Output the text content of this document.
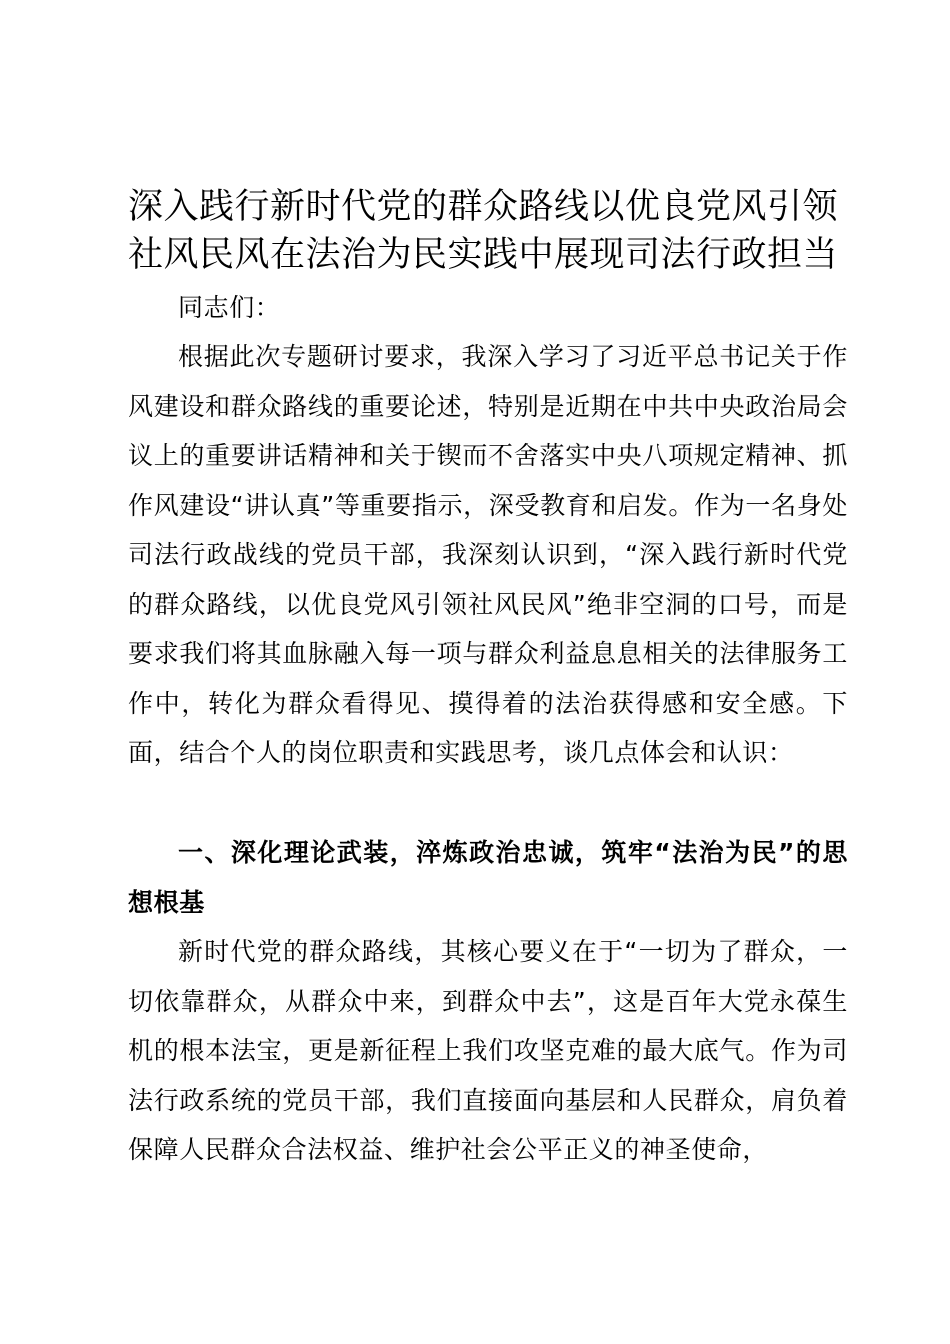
深入践行新时代党的群众路线以优良党风引领
社风民风在法治为民实践中展现司法行政担当

同志们：

根据此次专题研讨要求，我深入学习了习近平总书记关于作风建设和群众路线的重要论述，特别是近期在中共中央政治局会议上的重要讲话精神和关于锲而不舍落实中央八项规定精神、抓作风建设“讲认真”等重要指示，深受教育和启发。作为一名身处司法行政战线的党员干部，我深刻认识到，“深入践行新时代党的群众路线，以优良党风引领社风民风”绝非空洞的口号，而是要求我们将其血脉融入每一项与群众利益息息相关的法律服务工作中，转化为群众看得见、摸得着的法治获得感和安全感。下面，结合个人的岗位职责和实践思考，谈几点体会和认识：

一、深化理论武装，淬炼政治忠诚，筑牢“法治为民”的思想根基

新时代党的群众路线，其核心要义在于“一切为了群众，一切依靠群众，从群众中来，到群众中去”，这是百年大党永葆生机的根本法宝，更是新征程上我们攻坚克难的最大底气。作为司法行政系统的党员干部，我们直接面向基层和人民群众，肩负着保障人民群众合法权益、维护社会公平正义的神圣使命，
